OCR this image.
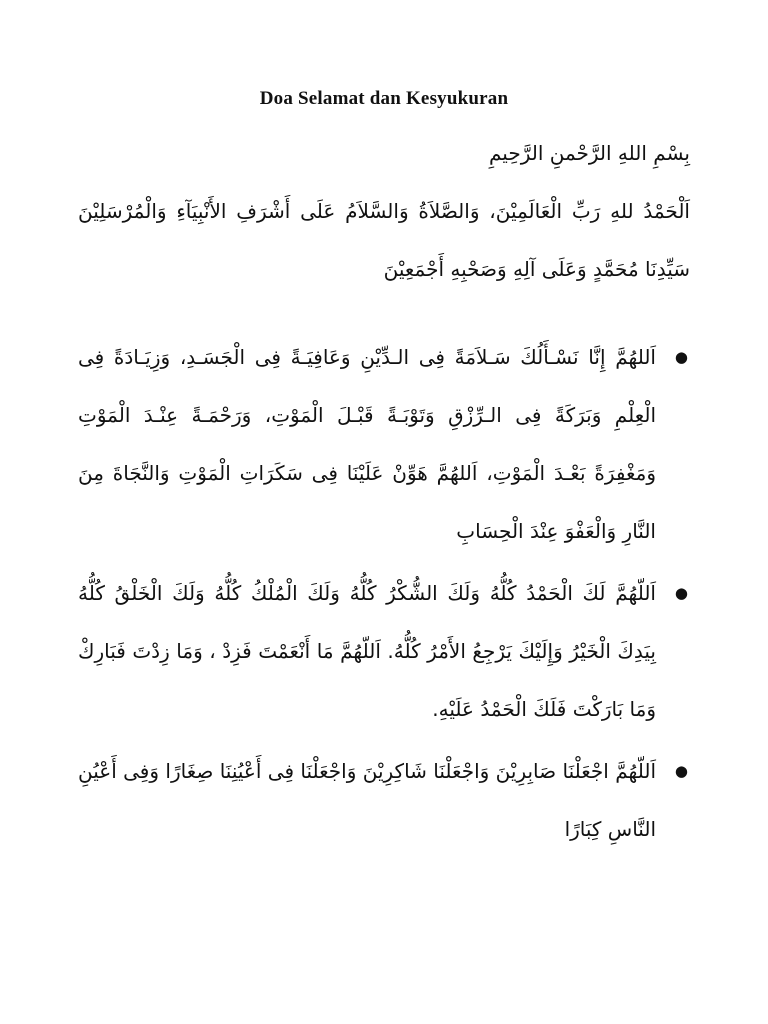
Doa Selamat dan Kesyukuran

بِسْمِ اللهِ الرَّحْمنِ الرَّحِيمِ

اَلْحَمْدُ للهِ رَبِّ الْعَالَمِيْنَ، وَالصَّلاَةُ وَالسَّلاَمُ عَلَى أَشْرَفِ الأَنْبِيَآءِ وَالْمُرْسَلِيْنَ سَيِّدِنَا مُحَمَّدٍ وَعَلَى آلِهِ وَصَحْبِهِ أَجْمَعِيْنَ

●
اَللهُمَّ إِنَّا نَسْـأَلُكَ سَـلاَمَةً فِى الـدِّيْنِ وَعَافِيَـةً فِى الْجَسَـدِ، وَزِيَـادَةً فِى الْعِلْمِ وَبَرَكَةً فِى الـرِّزْقِ وَتَوْبَـةً قَبْـلَ الْمَوْتِ، وَرَحْمَـةً عِنْـدَ الْمَوْتِ وَمَغْفِرَةً بَعْـدَ الْمَوْتِ، اَللهُمَّ هَوِّنْ عَلَيْنَا فِى سَكَرَاتِ الْمَوْتِ وَالنَّجَاةَ مِنَ النَّارِ وَالْعَفْوَ عِنْدَ الْحِسَابِ
●
اَللّهُمَّ لَكَ الْحَمْدُ كُلُّهُ وَلَكَ الشُّكْرُ كُلُّهُ وَلَكَ الْمُلْكُ كُلُّهُ وَلَكَ الْخَلْقُ كُلُّهُ بِيَدِكَ الْخَيْرُ وَإِلَيْكَ يَرْجِعُ الأَمْرُ كُلُّهُ. اَللّهُمَّ مَا أَنْعَمْتَ فَزِدْ ، وَمَا زِدْتَ فَبَارِكْ وَمَا بَارَكْتَ فَلَكَ الْحَمْدُ عَلَيْهِ.
●
اَللّهُمَّ اجْعَلْنَا صَابِرِيْنَ وَاجْعَلْنَا شَاكِرِيْنَ وَاجْعَلْنَا فِى أَعْيُنِنَا صِغَارًا وَفِى أَعْيُنِ النَّاسِ كِبَارًا
